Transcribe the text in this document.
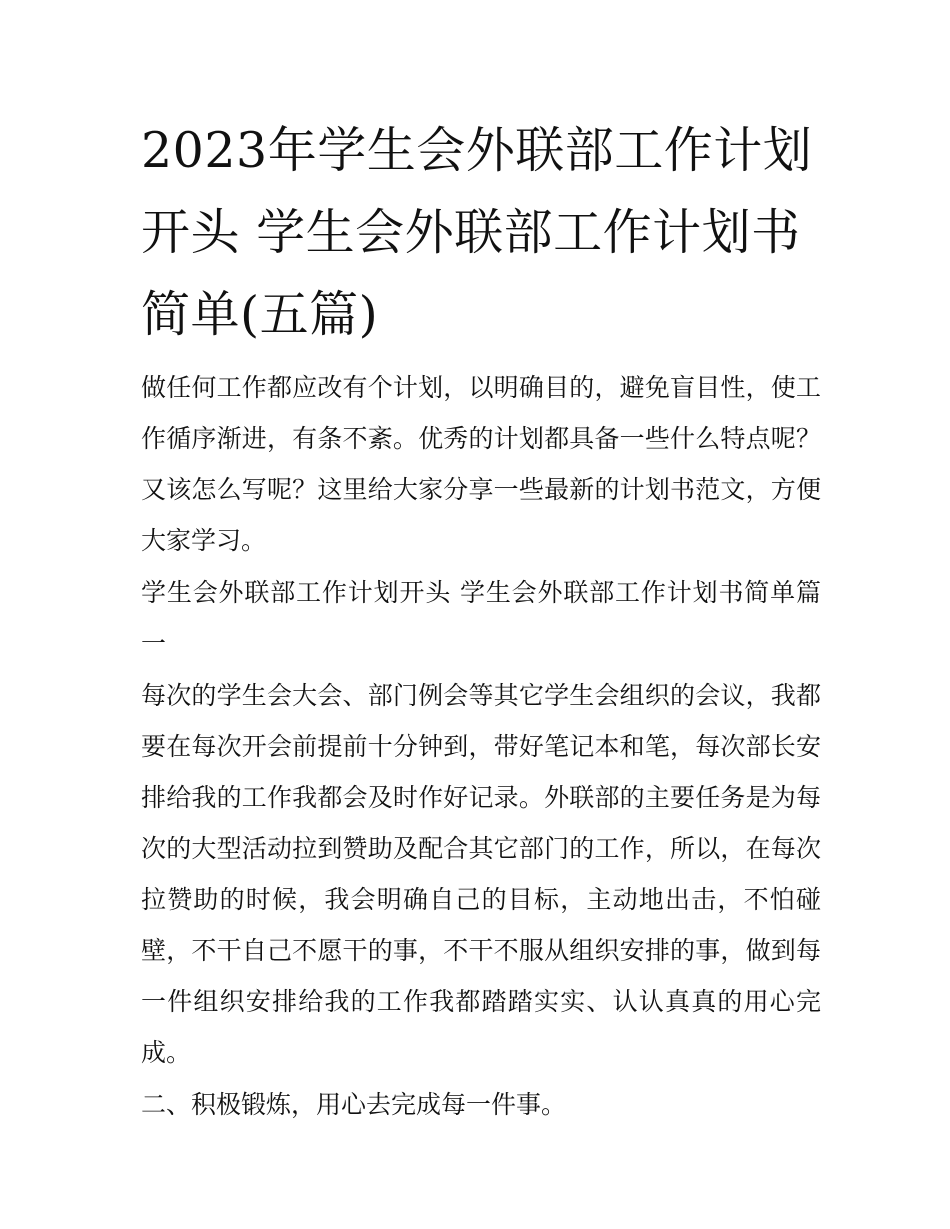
2023年学生会外联部工作计划开头 学生会外联部工作计划书简单(五篇)

做任何工作都应改有个计划，以明确目的，避免盲目性，使工作循序渐进，有条不紊。优秀的计划都具备一些什么特点呢？又该怎么写呢？这里给大家分享一些最新的计划书范文，方便大家学习。

学生会外联部工作计划开头 学生会外联部工作计划书简单篇一

每次的学生会大会、部门例会等其它学生会组织的会议，我都要在每次开会前提前十分钟到，带好笔记本和笔，每次部长安排给我的工作我都会及时作好记录。外联部的主要任务是为每次的大型活动拉到赞助及配合其它部门的工作，所以，在每次拉赞助的时候，我会明确自己的目标，主动地出击，不怕碰壁，不干自己不愿干的事，不干不服从组织安排的事，做到每一件组织安排给我的工作我都踏踏实实、认认真真的用心完成。

二、积极锻炼，用心去完成每一件事。
